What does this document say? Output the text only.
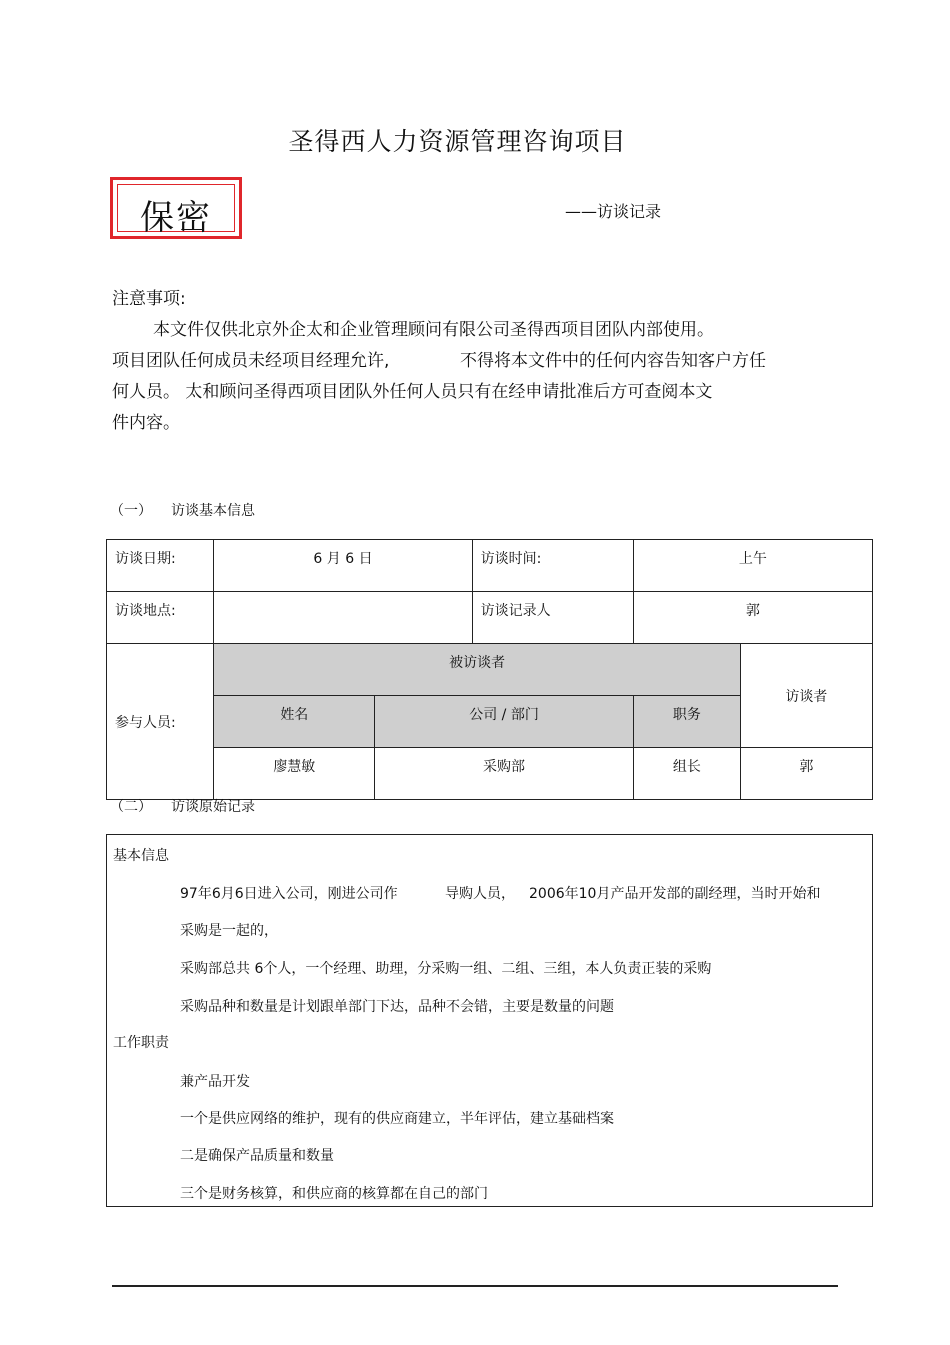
圣得西人力资源管理咨询项目
保密	——访谈记录
注意事项:
本文件仅供北京外企太和企业管理顾问有限公司圣得西项目团队内部使用。
项目团队任何成员未经项目经理允许,	不得将本文件中的任何内容告知客户方任
何人员。 太和顾问圣得西项目团队外任何人员只有在经申请批准后方可查阅本文
件内容。
（一） 访谈基本信息
访谈日期:	6 月 6 日		访谈时间:	上午	
访谈地点:			访谈记录人	郭	
参与人员:	被访谈者				访谈者
	姓名	公司 / 部门		职务	
	廖慧敏	采购部		组长	郭
（二） 访谈原始记录
基本信息
97年6月6日进入公司，刚进公司作	导购人员， 2006年10月产品开发部的副经理，当时开始和
采购是一起的，
采购部总共 6个人，一个经理、助理，分采购一组、二组、三组，本人负责正装的采购
采购品种和数量是计划跟单部门下达，品种不会错，主要是数量的问题
工作职责
兼产品开发
一个是供应网络的维护，现有的供应商建立，半年评估，建立基础档案
二是确保产品质量和数量
三个是财务核算，和供应商的核算都在自己的部门
